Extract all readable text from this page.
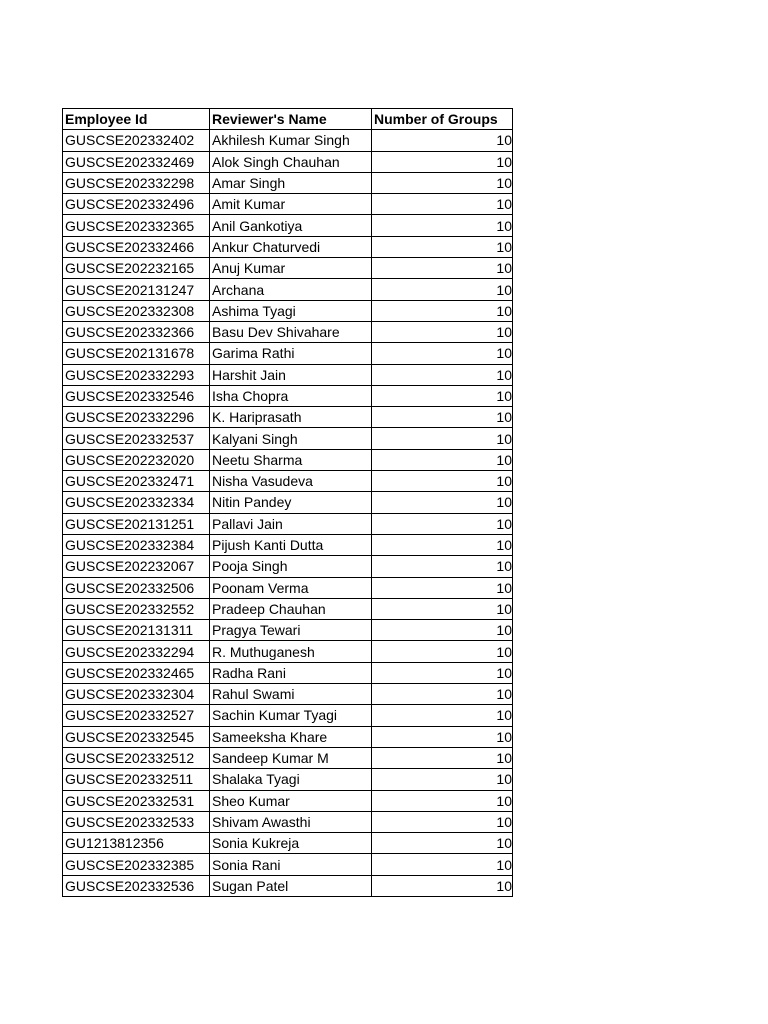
Employee Id	Reviewer's Name	Number of Groups
GUSCSE202332402	Akhilesh Kumar Singh	10
GUSCSE202332469	Alok Singh Chauhan	10
GUSCSE202332298	Amar Singh	10
GUSCSE202332496	Amit Kumar	10
GUSCSE202332365	Anil Gankotiya	10
GUSCSE202332466	Ankur Chaturvedi	10
GUSCSE202232165	Anuj Kumar	10
GUSCSE202131247	Archana	10
GUSCSE202332308	Ashima Tyagi	10
GUSCSE202332366	Basu Dev Shivahare	10
GUSCSE202131678	Garima Rathi	10
GUSCSE202332293	Harshit Jain	10
GUSCSE202332546	Isha Chopra	10
GUSCSE202332296	K. Hariprasath	10
GUSCSE202332537	Kalyani Singh	10
GUSCSE202232020	Neetu Sharma	10
GUSCSE202332471	Nisha Vasudeva	10
GUSCSE202332334	Nitin Pandey	10
GUSCSE202131251	Pallavi Jain	10
GUSCSE202332384	Pijush Kanti Dutta	10
GUSCSE202232067	Pooja Singh	10
GUSCSE202332506	Poonam Verma	10
GUSCSE202332552	Pradeep Chauhan	10
GUSCSE202131311	Pragya Tewari	10
GUSCSE202332294	R. Muthuganesh	10
GUSCSE202332465	Radha Rani	10
GUSCSE202332304	Rahul Swami	10
GUSCSE202332527	Sachin Kumar Tyagi	10
GUSCSE202332545	Sameeksha Khare	10
GUSCSE202332512	Sandeep Kumar M	10
GUSCSE202332511	Shalaka Tyagi	10
GUSCSE202332531	Sheo Kumar	10
GUSCSE202332533	Shivam Awasthi	10
GU1213812356	Sonia Kukreja	10
GUSCSE202332385	Sonia Rani	10
GUSCSE202332536	Sugan Patel	10
